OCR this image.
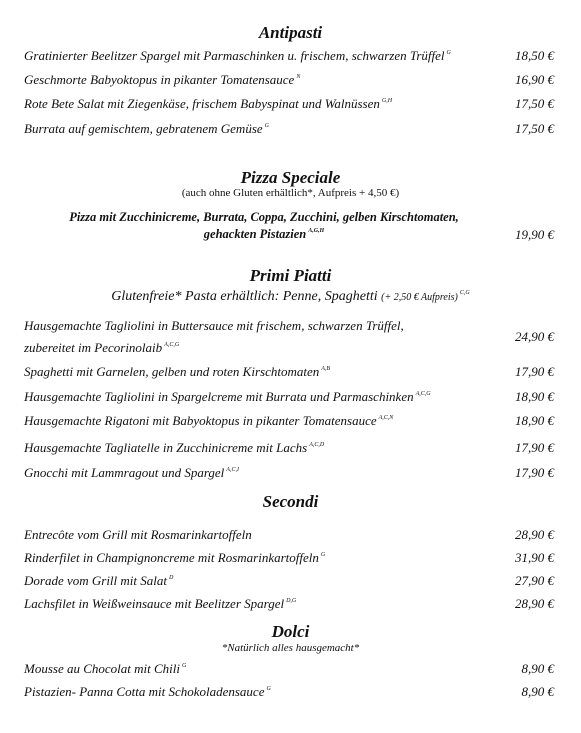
Antipasti
Gratinierter Beelitzer Spargel mit Parmaschinken u. frischem, schwarzen Trüffel $^G$	18,50 €
Geschmorte Babyoktopus in pikanter Tomatensauce $^N$	16,90 €
Rote Bete Salat mit Ziegenkäse, frischem Babyspinat und Walnüssen $^{G,H}$	17,50 €
Burrata auf gemischtem, gebratenem Gemüse $^G$	17,50 €
Pizza Speciale
(auch ohne Gluten erhältlich*, Aufpreis + 4,50 €)
Pizza mit Zucchinicreme, Burrata, Coppa, Zucchini, gelben Kirschtomaten,
gehackten Pistazien $^{A,G,H}$	19,90 €
Primi Piatti
Glutenfreie* Pasta erhältlich: Penne, Spaghetti (+ 2,50 € Aufpreis) $^{C,G}$
Hausgemachte Tagliolini in Buttersauce mit frischem, schwarzen Trüffel,
zubereitet im Pecorinolaib $^{A,C,G}$
24,90 €
Spaghetti mit Garnelen, gelben und roten Kirschtomaten $^{A,B}$	17,90 €
Hausgemachte Tagliolini in Spargelcreme mit Burrata und Parmaschinken $^{A,C,G}$	18,90 €
Hausgemachte Rigatoni mit Babyoktopus in pikanter Tomatensauce $^{A,C,N}$	18,90 €
Hausgemachte Tagliatelle in Zucchinicreme mit Lachs $^{A,C,D}$	17,90 €
Gnocchi mit Lammragout und Spargel $^{A,C,I}$	17,90 €
Secondi
Entrecôte vom Grill mit Rosmarinkartoffeln	28,90 €
Rinderfilet in Champignoncreme mit Rosmarinkartoffeln $^G$	31,90 €
Dorade vom Grill mit Salat $^D$	27,90 €
Lachsfilet in Weißweinsauce mit Beelitzer Spargel $^{D,G}$	28,90 €
Dolci
*Natürlich alles hausgemacht*
Mousse au Chocolat mit Chili $^G$	8,90 €
Pistazien- Panna Cotta mit Schokoladensauce $^G$	8,90 €
